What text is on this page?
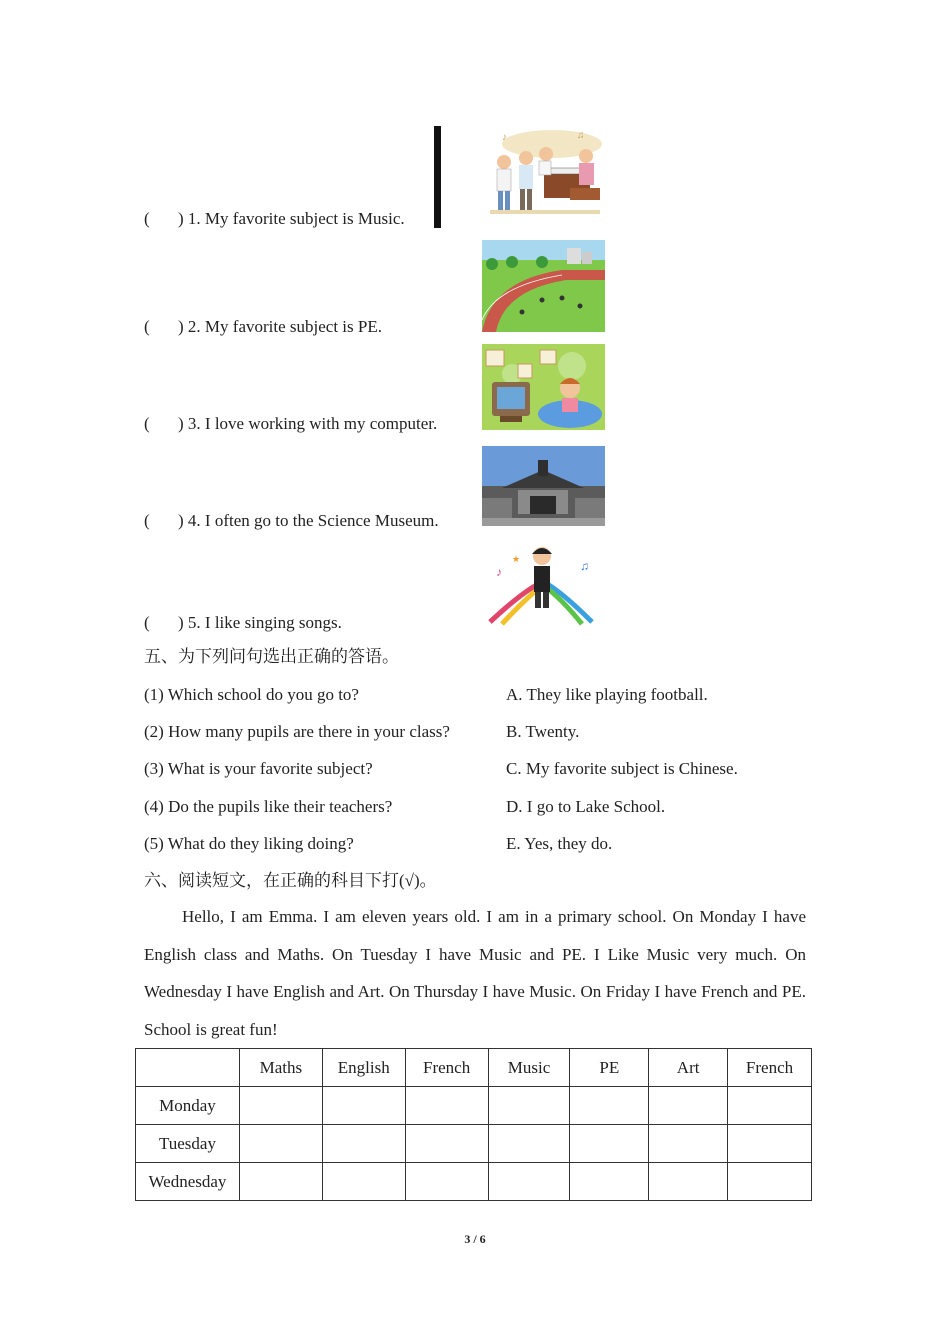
( ) 1. My favorite subject is Music.
( ) 2. My favorite subject is PE.
( ) 3. I love working with my computer.
( ) 4. I often go to the Science Museum.
( ) 5. I like singing songs.
♪	♫
♪	♫
★
五、为下列问句选出正确的答语。
(1) Which school do you go to?	A. They like playing football.
(2) How many pupils are there in your class?	B. Twenty.
(3) What is your favorite subject?	C. My favorite subject is Chinese.
(4) Do the pupils like their teachers?	D. I go to Lake School.
(5) What do they liking doing?	E. Yes, they do.
六、阅读短文，在正确的科目下打(√)。
Hello, I am Emma. I am eleven years old. I am in a primary school. On Monday I have English class and Maths. On Tuesday I have Music and PE. I Like Music very much. On Wednesday I have English and Art. On Thursday I have Music. On Friday I have French and PE. School is great fun!
	Maths	English	French	Music	PE	Art	French
Monday							
Tuesday							
Wednesday							
3 / 6
